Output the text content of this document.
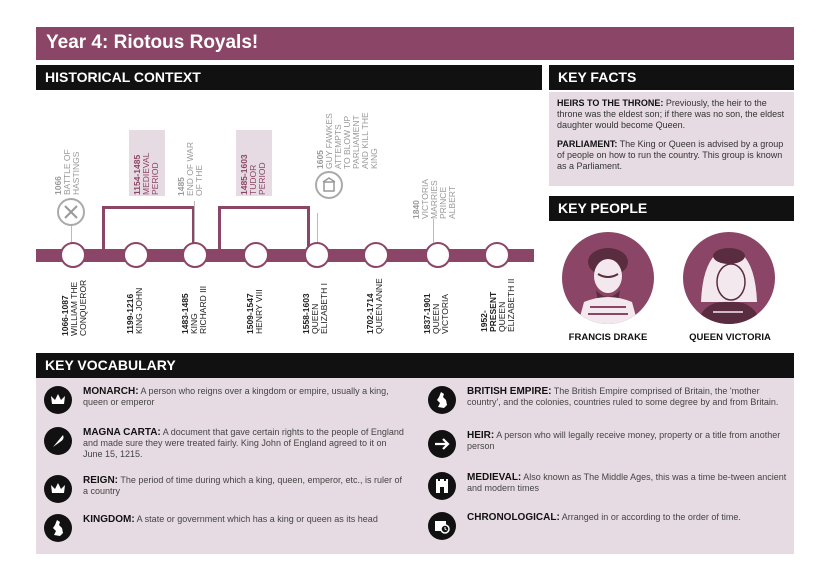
Year 4: Riotous Royals!
HISTORICAL CONTEXT
1066
BATTLE OF
HASTINGS	1154-1485
MEDIEVAL
PERIOD 1485
END OF WAR
OF THE	1485-1603
TUDOR
PERIOD
1605
GUY FAWKES
ATTEMPTS
TO BLOW UP
PARLIAMENT
AND KILL THE
KING
1840
VICTORIA
MARRIES
PRINCE
ALBERT
1066-1087
WILLIAM THE
CONQUEROR	1199-1216
KING JOHN	1483-1485
KING
RICHARD III
1509-1547
HENRY VIII	1558-1603
QUEEN
ELIZABETH I
1702-1714
QUEEN ANNE	1837-1901
QUEEN
VICTORIA	1952-
PRESENT
QUEEN
ELIZABETH II
KEY FACTS

HEIRS TO THE THRONE: Previously, the heir to the throne was the eldest son; if there was no son, the eldest daughter would become Queen.

PARLIAMENT: The King or Queen is advised by a group of people on how to run the country. This group is known as a Parliament.

KEY PEOPLE
FRANCIS DRAKE	QUEEN VICTORIA
KEY VOCABULARY
MONARCH: A person who reigns over a kingdom or empire, usually a king, queen or emperor
MAGNA CARTA: A document that gave certain rights to the people of England and made sure they were treated fairly. King John of England agreed to it on June 15, 1215.
REIGN: The period of time during which a king, queen, emperor, etc., is ruler of a country
KINGDOM: A state or government which has a king or queen as its head
BRITISH EMPIRE: The British Empire comprised of Britain, the 'mother country', and the colonies, countries ruled to some degree by and from Britain.
HEIR: A person who will legally receive money, property or a title from another person
MEDIEVAL: Also known as The Middle Ages, this was a time be-tween ancient and modern times
CHRONOLOGICAL: Arranged in or according to the order of time.
